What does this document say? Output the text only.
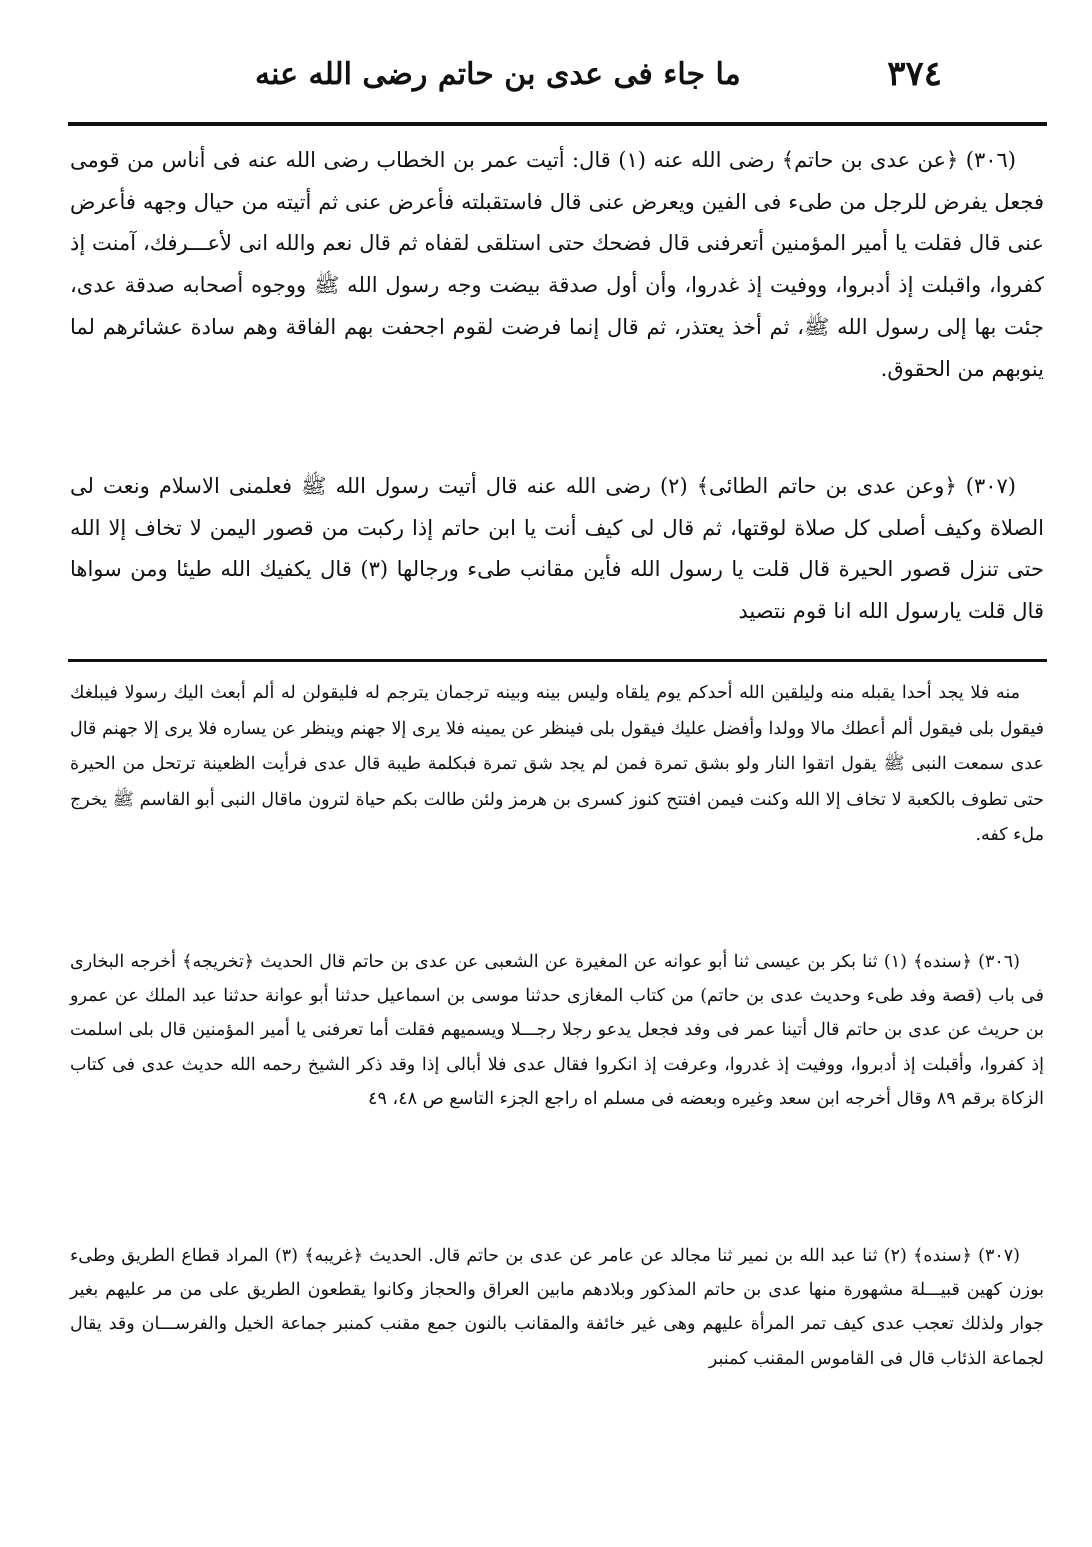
٣٧٤
ما جاء فى عدى بن حاتم رضى الله عنه

(٣٠٦) ﴿عن عدى بن حاتم﴾ رضى الله عنه (١) قال: أتيت عمر بن الخطاب رضى الله عنه فى أناس من قومى فجعل يفرض للرجل من طىء فى الفين ويعرض عنى قال فاستقبلته فأعرض عنى ثم أتيته من حيال وجهه فأعرض عنى قال فقلت يا أمير المؤمنين أتعرفنى قال فضحك حتى استلقى لقفاه ثم قال نعم والله انى لأعـــرفك، آمنت إذ كفروا، واقبلت إذ أدبروا، ووفيت إذ غدروا، وأن أول صدقة بيضت وجه رسول الله ﷺ ووجوه أصحابه صدقة عدى، جئت بها إلى رسول الله ﷺ، ثم أخذ يعتذر، ثم قال إنما فرضت لقوم اجحفت بهم الفاقة وهم سادة عشائرهم لما ينوبهم من الحقوق.

(٣٠٧) ﴿وعن عدى بن حاتم الطائى﴾ (٢) رضى الله عنه قال أتيت رسول الله ﷺ فعلمنى الاسلام ونعت لى الصلاة وكيف أصلى كل صلاة لوقتها، ثم قال لى كيف أنت يا ابن حاتم إذا ركبت من قصور اليمن لا تخاف إلا الله حتى تنزل قصور الحيرة قال قلت يا رسول الله فأين مقانب طىء ورجالها (٣) قال يكفيك الله طيئا ومن سواها قال قلت يارسول الله انا قوم نتصيد

منه فلا يجد أحدا يقبله منه وليلقين الله أحدكم يوم يلقاه وليس بينه وبينه ترجمان يترجم له فليقولن له ألم أبعث اليك رسولا فيبلغك فيقول بلى فيقول ألم أعطك مالا وولدا وأفضل عليك فيقول بلى فينظر عن يمينه فلا يرى إلا جهنم وينظر عن يساره فلا يرى إلا جهنم قال عدى سمعت النبى ﷺ يقول اتقوا النار ولو بشق تمرة فمن لم يجد شق تمرة فبكلمة طيبة قال عدى فرأيت الظعينة ترتحل من الحيرة حتى تطوف بالكعبة لا تخاف إلا الله وكنت فيمن افتتح كنوز كسرى بن هرمز ولئن طالت بكم حياة لترون ماقال النبى أبو القاسم ﷺ يخرج ملء كفه.

(٣٠٦) ﴿سنده﴾ (١) ثنا بكر بن عيسى ثنا أبو عوانه عن المغيرة عن الشعبى عن عدى بن حاتم قال الحديث ﴿تخريجه﴾ أخرجه البخارى فى باب (قصة وفد طىء وحديث عدى بن حاتم) من كتاب المغازى حدثنا موسى بن اسماعيل حدثنا أبو عوانة حدثنا عبد الملك عن عمرو بن حريث عن عدى بن حاتم قال أتينا عمر فى وفد فجعل يدعو رجلا رجـــلا ويسميهم فقلت أما تعرفنى يا أمير المؤمنين قال بلى اسلمت إذ كفروا، وأقبلت إذ أدبروا، ووفيت إذ غدروا، وعرفت إذ انكروا فقال عدى فلا أبالى إذا وقد ذكر الشيخ رحمه الله حديث عدى فى كتاب الزكاة برقم ٨٩ وقال أخرجه ابن سعد وغيره وبعضه فى مسلم اه راجع الجزء التاسع ص ٤٨، ٤٩

(٣٠٧) ﴿سنده﴾ (٢) ثنا عبد الله بن نمير ثنا مجالد عن عامر عن عدى بن حاتم قال. الحديث ﴿غريبه﴾ (٣) المراد قطاع الطريق وطىء بوزن كهين قبيـــلة مشهورة منها عدى بن حاتم المذكور وبلادهم مابين العراق والحجاز وكانوا يقطعون الطريق على من مر عليهم بغير جوار ولذلك تعجب عدى كيف تمر المرأة عليهم وهى غير خائفة والمقانب بالنون جمع مقنب كمنبر جماعة الخيل والفرســـان وقد يقال لجماعة الذئاب قال فى القاموس المقنب كمنبر
